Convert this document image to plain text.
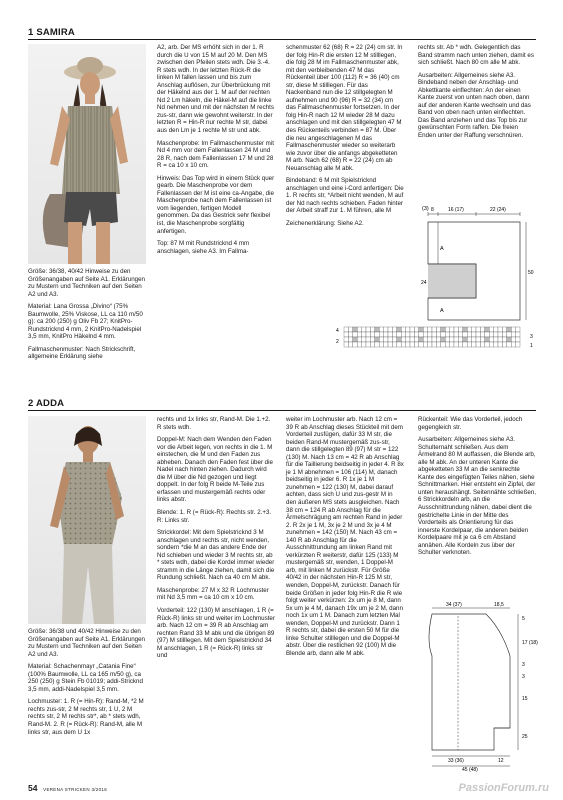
1 SAMIRA

Größe: 36/38, 40/42 Hinweise zu den Größenangaben auf Seite A1. Erklärungen zu Mustern und Techniken auf den Seiten A2 und A3.

Material: Lana Grossa „Divino“ (75% Baumwolle, 25% Viskose, LL ca 110 m/50 g): ca 200 (250) g Oliv Fb 27; KnitPro-Rundstricknd 4 mm, 2 KnitPro-Nadelspiel 3,5 mm, KnitPro Häkelnd 4 mm.

Fallmaschenmuster: Nach Strickschrift, allgemeine Erklärung siehe

A2, arb. Der MS erhöht sich in der 1. R durch die U von 15 M auf 20 M. Den MS zwischen den Pfeilen stets wdh. Die 3.-4. R stets wdh. In der letzten Rück-R die linken M fallen lassen und bis zum Anschlag auflösen, zur Überbrückung mit der Häkelnd aus der 1. M auf der rechten Nd 2 Lm häkeln, die Häkel-M auf die linke Nd nehmen und mit der nächsten M rechts zus-str, dann wie gewohnt weiterstr. In der letzten R = Hin-R nur rechte M str, dabei aus den Lm je 1 rechte M str und abk.

Maschenprobe: Im Fallmaschenmuster mit Nd 4 mm vor dem Fallenlassen 24 M und 28 R, nach dem Fallenlassen 17 M und 28 R = ca 10 x 10 cm.

Hinweis: Das Top wird in einem Stück quer gearb. Die Maschenprobe vor dem Fallenlassen der M ist eine ca-Angabe, die Maschenprobe nach dem Fallenlassen ist vom liegenden, fertigen Modell genommen. Da das Gestrick sehr flexibel ist, die Maschenprobe sorgfältig anfertigen.

Top: 87 M mit Rundstricknd 4 mm anschlagen, siehe A3. Im Fallma-

schenmuster 62 (68) R = 22 (24) cm str. In der folg Hin-R die ersten 12 M stilllegen, die folg 28 M im Fallmaschenmuster abk, mit den verbleibenden 47 M das Rückenteil über 100 (112) R = 36 (40) cm str, diese M stilllegen. Für das Nackenband nun die 12 stillgelegten M aufnehmen und 90 (96) R = 32 (34) cm das Fallmaschenmuster fortsetzen. In der folg Hin-R nach 12 M wieder 28 M dazu anschlagen und mit den stillgelegten 47 M des Rückenteils verbinden = 87 M. Über die neu angeschlagenen M das Fallmaschenmuster wieder so weiterarb wie zuvor über die anfangs abgeketteten M arb. Nach 62 (68) R = 22 (24) cm ab Neuanschlag alle M abk.

Bindeband: 6 M mit Spielstricknd anschlagen und eine i-Cord anfertigen: Die 1. R rechts str, *Arbeit nicht wenden, M auf der Nd nach rechts schieben. Faden hinter der Arbeit straff zur 1. M führen, alle M

Zeichenerklärung: Siehe A2.

rechts str. Ab * wdh. Gelegentlich das Band stramm nach unten ziehen, damit es sich schließt. Nach 80 cm alle M abk.

Ausarbeiten: Allgemeines siehe A3. Bindeband neben der Anschlag- und Abkettkante einflechten: An der einen Kante zuerst von unten nach oben, dann auf der anderen Kante wechseln und das Band von oben nach unten einflechten. Das Band anziehen und das Top bis zur gewünschten Form raffen. Die freien Enden unter der Raffung verschnüren.

(3) 8	16 (17)	22 (24)
A
A
50
24
4
2
3
1
2 ADDA

Größe: 36/38 und 40/42 Hinweise zu den Größenangaben auf Seite A1. Erklärungen zu Mustern und Techniken auf den Seiten A2 und A3.

Material: Schachenmayr „Catania Fine“ (100% Baumwolle, LL ca 165 m/50 g), ca 250 (250) g Stein Fb 01019; addi-Stricknd 3,5 mm, addi-Nadelspiel 3,5 mm.

Lochmuster: 1. R (= Hin-R): Rand-M, *2 M rechts zus-str, 2 M rechts str, 1 U, 2 M rechts str, 2 M rechts str*, ab * stets wdh, Rand-M. 2. R (= Rück-R): Rand-M, alle M links str, aus dem U 1x

rechts und 1x links str, Rand-M. Die 1.+2. R stets wdh.

Doppel-M: Nach dem Wenden den Faden vor die Arbeit legen, von rechts in die 1. M einstechen, die M und den Faden zus abheben. Danach den Faden fest über die Nadel nach hinten ziehen. Dadurch wird die M über die Nd gezogen und liegt doppelt. In der folg R beide M-Teile zus erfassen und mustergemäß rechts oder links abstr.

Blende: 1. R (= Rück-R): Rechts str. 2.+3. R: Links str.

Strickkordel: Mit dem Spielstricknd 3 M anschlagen und rechts str, nicht wenden, sondern *die M an das andere Ende der Nd schieben und wieder 3 M rechts str, ab * stets wdh, dabei die Kordel immer wieder stramm in die Länge ziehen, damit sich die Rundung schließt. Nach ca 40 cm M abk.

Maschenprobe: 27 M x 32 R Lochmuster mit Nd 3,5 mm = ca 10 cm x 10 cm.

Vorderteil: 122 (130) M anschlagen, 1 R (= Rück-R) links str und weiter im Lochmuster arb. Nach 12 cm = 39 R ab Anschlag am rechten Rand 33 M abk und die übrigen 89 (97) M stilllegen. Mit dem Spielstricknd 34 M anschlagen, 1 R (= Rück-R) links str und

weiter im Lochmuster arb. Nach 12 cm = 39 R ab Anschlag dieses Stückteil mit dem Vorderteil zusfügen, dafür 33 M str, die beiden Rand-M mustergemäß zus-str, dann die stillgelegten 89 (97) M str = 122 (130) M. Nach 13 cm = 42 R ab Anschlag für die Taillierung beidseitig in jeder 4. R 8x je 1 M abnehmen = 106 (114) M, danach beidseitig in jeder 6. R 1x je 1 M zunehmen = 122 (130) M, dabei darauf achten, dass sich U und zus-gestr M in den äußeren MS stets ausgleichen. Nach 38 cm = 124 R ab Anschlag für die Ärmelschrägung am rechten Rand in jeder 2. R 2x je 1 M, 3x je 2 M und 3x je 4 M zunehmen = 142 (150) M. Nach 43 cm = 140 R ab Anschlag für die Ausschnittrundung am linken Rand mit verkürzten R weiterstr, dafür 125 (133) M mustergemäß str, wenden, 1 Doppel-M arb, mit linken M zurückstr. Für Größe 40/42 in der nächsten Hin-R 125 M str, wenden, Doppel-M, zurückstr. Danach für beide Größen in jeder folg Hin-R die R wie folgt weiter verkürzen: 2x um je 8 M, dann 5x um je 4 M, danach 19x um je 2 M, dann noch 1x um 1 M. Danach zum letzten Mal wenden, Doppel-M und zurückstr. Dann 1 R rechts str, dabei die ersten 50 M für die linke Schulter stilllegen und die Doppel-M abstr. Über die restlichen 92 (100) M die Blende arb, dann alle M abk.

Rückenteil: Wie das Vorderteil, jedoch gegengleich str.

Ausarbeiten: Allgemeines siehe A3. Schulternaht schließen. Aus dem Ärmelrand 80 M auffassen, die Blende arb, alle M abk. An der unteren Kante die abgeketteten 33 M an die senkrechte Kante des eingefügten Teiles nähen, siehe Schnittmarken. Hier entsteht ein Zipfel, der unten heraushängt. Seitennähte schließen, 6 Strickkordeln arb, an die Ausschnittrundung nähen, dabei dient die gestrichelte Linie in der Mitte des Vorderteils als Orientierung für das innerste Kordelpaar, die anderen beiden Kordelpaare mit je ca 6 cm Abstand annähen. Alle Kordeln zus über der Schulter verknoten.

34 (37)	18,5
5
17 (18)
3
3
15
25
33 (36)	12
45 (48)
54 VERENA STRICKEN 3/2016	PassionForum.ru
